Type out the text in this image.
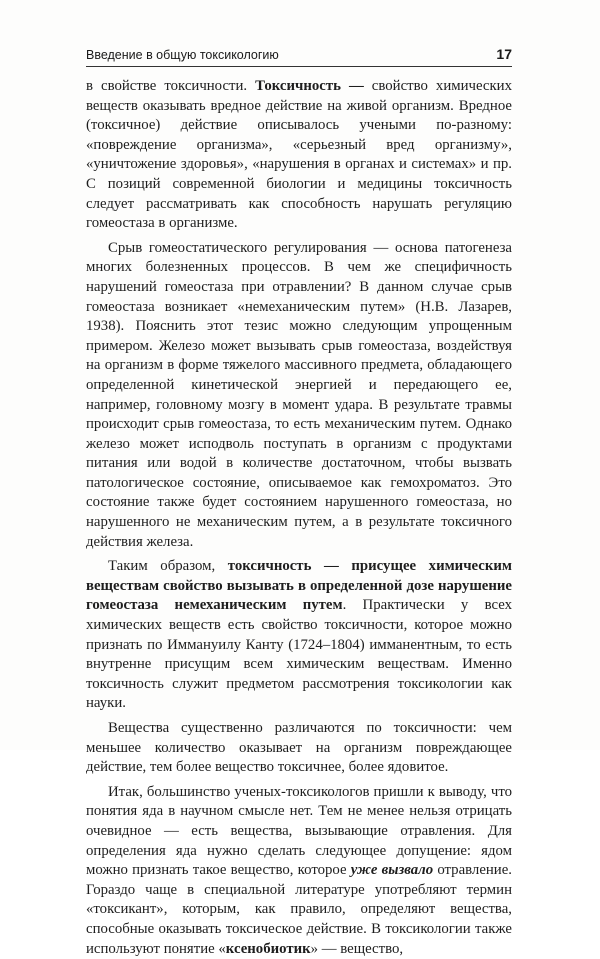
Введение в общую токсикологию	17

в свойстве токсичности. Токсичность — свойство химических веществ оказывать вредное действие на живой организм. Вредное (токсичное) действие описывалось учеными по-разному: «повреждение организма», «серьезный вред организму», «уничтожение здоровья», «нарушения в органах и системах» и пр. С позиций современной биологии и медицины токсичность следует рассматривать как способность нарушать регуляцию гомеостаза в организме.

Срыв гомеостатического регулирования — основа патогенеза многих болезненных процессов. В чем же специфичность нарушений гомеостаза при отравлении? В данном случае срыв гомеостаза возникает «немеханическим путем» (Н.В. Лазарев, 1938). Пояснить этот тезис можно следующим упрощенным примером. Железо может вызывать срыв гомеостаза, воздействуя на организм в форме тяжелого массивного предмета, обладающего определенной кинетической энергией и передающего ее, например, головному мозгу в момент удара. В результате травмы происходит срыв гомеостаза, то есть механическим путем. Однако железо может исподволь поступать в организм с продуктами питания или водой в количестве достаточном, чтобы вызвать патологическое состояние, описываемое как гемохроматоз. Это состояние также будет состоянием нарушенного гомеостаза, но нарушенного не механическим путем, а в результате токсичного действия железа.

Таким образом, токсичность — присущее химическим веществам свойство вызывать в определенной дозе нарушение гомеостаза немеханическим путем. Практически у всех химических веществ есть свойство токсичности, которое можно признать по Иммануилу Канту (1724–1804) имманентным, то есть внутренне присущим всем химическим веществам. Именно токсичность служит предметом рассмотрения токсикологии как науки.

Вещества существенно различаются по токсичности: чем меньшее количество оказывает на организм повреждающее действие, тем более вещество токсичнее, более ядовитое.

Итак, большинство ученых-токсикологов пришли к выводу, что понятия яда в научном смысле нет. Тем не менее нельзя отрицать очевидное — есть вещества, вызывающие отравления. Для определения яда нужно сделать следующее допущение: ядом можно признать такое вещество, которое уже вызвало отравление. Гораздо чаще в специальной литературе употребляют термин «токсикант», которым, как правило, определяют вещества, способные оказывать токсическое действие. В токсикологии также используют понятие «ксенобиотик» — вещество,
